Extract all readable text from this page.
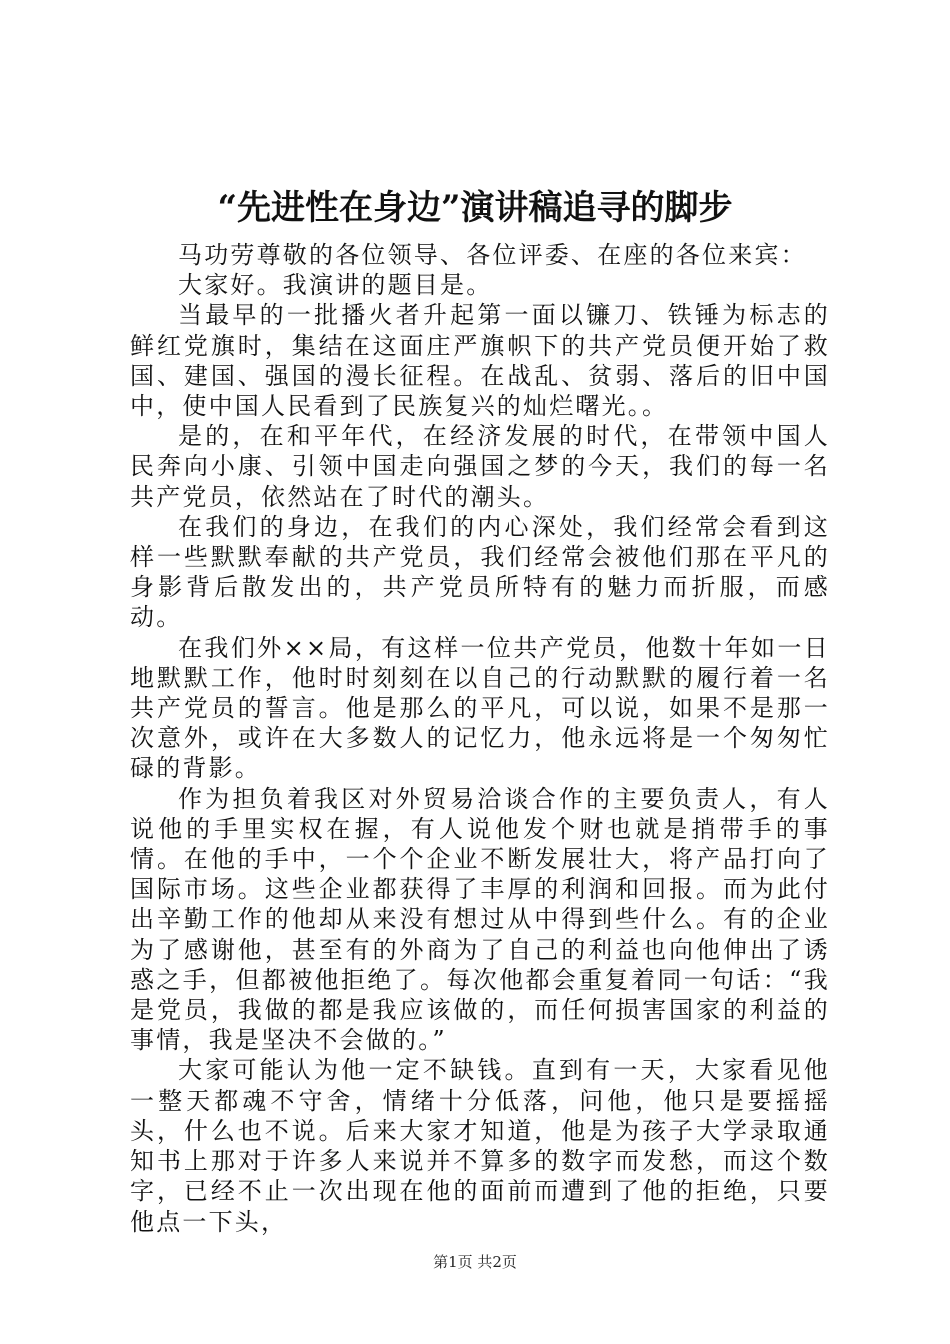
“先进性在身边”演讲稿追寻的脚步

马功劳尊敬的各位领导、各位评委、在座的各位来宾：

大家好。我演讲的题目是。

当最早的一批播火者升起第一面以镰刀、铁锤为标志的鲜红党旗时，集结在这面庄严旗帜下的共产党员便开始了救国、建国、强国的漫长征程。在战乱、贫弱、落后的旧中国中，使中国人民看到了民族复兴的灿烂曙光。。

是的，在和平年代，在经济发展的时代，在带领中国人民奔向小康、引领中国走向强国之梦的今天，我们的每一名共产党员，依然站在了时代的潮头。

在我们的身边，在我们的内心深处，我们经常会看到这样一些默默奉献的共产党员，我们经常会被他们那在平凡的身影背后散发出的，共产党员所特有的魅力而折服，而感动。

在我们外××局，有这样一位共产党员，他数十年如一日地默默工作，他时时刻刻在以自己的行动默默的履行着一名共产党员的誓言。他是那么的平凡，可以说，如果不是那一次意外，或许在大多数人的记忆力，他永远将是一个匆匆忙碌的背影。

作为担负着我区对外贸易洽谈合作的主要负责人，有人说他的手里实权在握，有人说他发个财也就是捎带手的事情。在他的手中，一个个企业不断发展壮大，将产品打向了国际市场。这些企业都获得了丰厚的利润和回报。而为此付出辛勤工作的他却从来没有想过从中得到些什么。有的企业为了感谢他，甚至有的外商为了自己的利益也向他伸出了诱惑之手，但都被他拒绝了。每次他都会重复着同一句话：“我是党员，我做的都是我应该做的，而任何损害国家的利益的事情，我是坚决不会做的。”

大家可能认为他一定不缺钱。直到有一天，大家看见他一整天都魂不守舍，情绪十分低落，问他，他只是要摇摇头，什么也不说。后来大家才知道，他是为孩子大学录取通知书上那对于许多人来说并不算多的数字而发愁，而这个数字，已经不止一次出现在他的面前而遭到了他的拒绝，只要他点一下头，

第1页 共2页
